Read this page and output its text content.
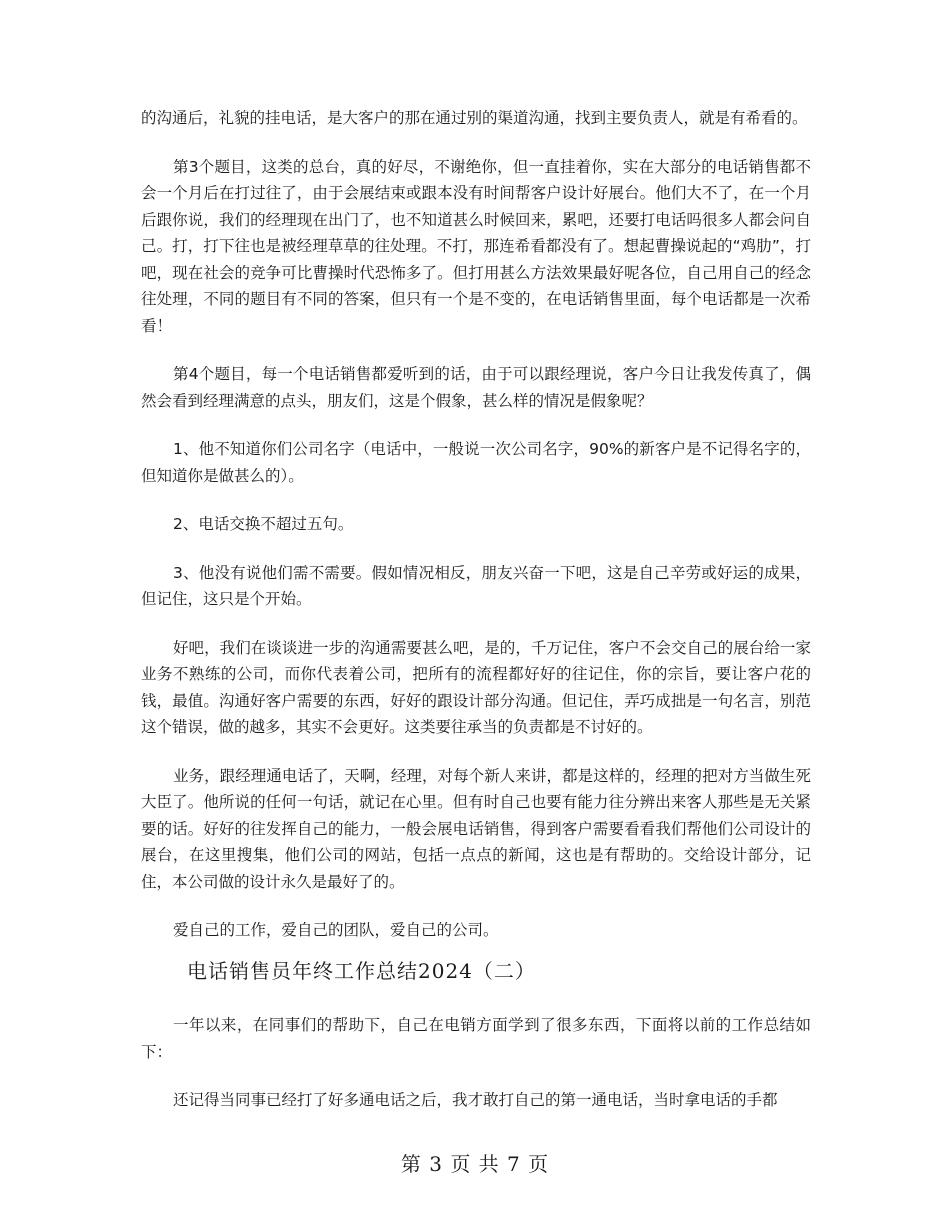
的沟通后，礼貌的挂电话，是大客户的那在通过别的渠道沟通，找到主要负责人，就是有希看的。

第3个题目，这类的总台，真的好尽，不谢绝你，但一直挂着你，实在大部分的电话销售都不会一个月后在打过往了，由于会展结束或跟本没有时间帮客户设计好展台。他们大不了，在一个月后跟你说，我们的经理现在出门了，也不知道甚么时候回来，累吧，还要打电话吗很多人都会问自己。打，打下往也是被经理草草的往处理。不打，那连希看都没有了。想起曹操说起的“鸡肋”，打吧，现在社会的竞争可比曹操时代恐怖多了。但打用甚么方法效果最好呢各位，自己用自己的经念往处理，不同的题目有不同的答案，但只有一个是不变的，在电话销售里面，每个电话都是一次希看！

第4个题目，每一个电话销售都爱听到的话，由于可以跟经理说，客户今日让我发传真了，偶然会看到经理满意的点头，朋友们，这是个假象，甚么样的情况是假象呢？

1、他不知道你们公司名字（电话中，一般说一次公司名字，90%的新客户是不记得名字的，但知道你是做甚么的）。

2、电话交换不超过五句。

3、他没有说他们需不需要。假如情况相反，朋友兴奋一下吧，这是自己辛劳或好运的成果，但记住，这只是个开始。

好吧，我们在谈谈进一步的沟通需要甚么吧，是的，千万记住，客户不会交自己的展台给一家业务不熟练的公司，而你代表着公司，把所有的流程都好好的往记住，你的宗旨，要让客户花的钱，最值。沟通好客户需要的东西，好好的跟设计部分沟通。但记住，弄巧成拙是一句名言，别范这个错误，做的越多，其实不会更好。这类要往承当的负责都是不讨好的。

业务，跟经理通电话了，天啊，经理，对每个新人来讲，都是这样的，经理的把对方当做生死大臣了。他所说的任何一句话，就记在心里。但有时自己也要有能力往分辨出来客人那些是无关紧要的话。好好的往发挥自己的能力，一般会展电话销售，得到客户需要看看我们帮他们公司设计的展台，在这里搜集，他们公司的网站，包括一点点的新闻，这也是有帮助的。交给设计部分，记住，本公司做的设计永久是最好了的。

爱自己的工作，爱自己的团队，爱自己的公司。

电话销售员年终工作总结2024（二）

一年以来，在同事们的帮助下，自己在电销方面学到了很多东西，下面将以前的工作总结如下：

还记得当同事已经打了好多通电话之后，我才敢打自己的第一通电话，当时拿电话的手都

第 3 页 共 7 页
